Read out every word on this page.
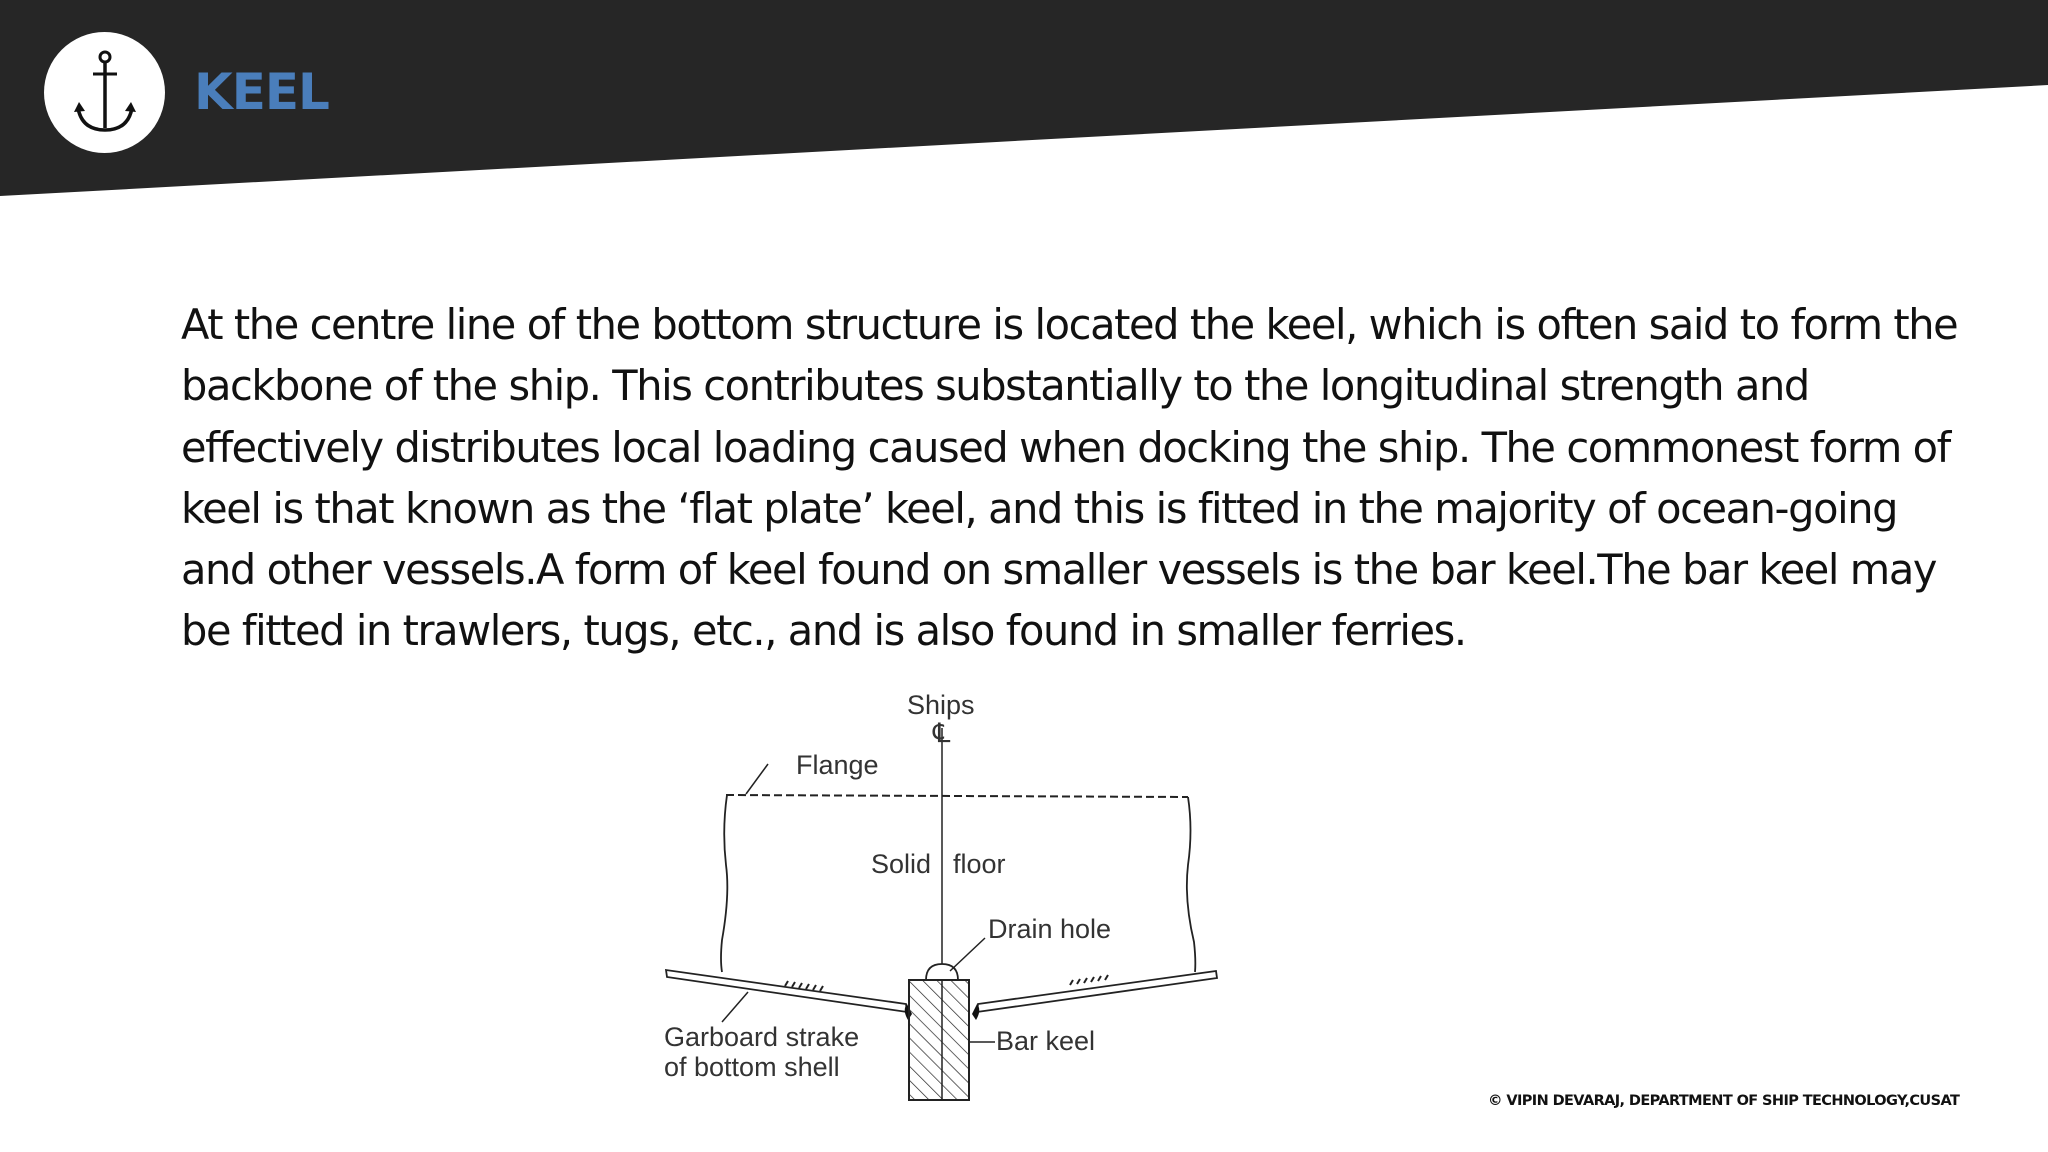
KEEL

At the centre line of the bottom structure is located the keel, which is often said to form the backbone of the ship. This contributes substantially to the longitudinal strength and effectively distributes local loading caused when docking the ship. The commonest form of keel is that known as the ‘flat plate’ keel, and this is fitted in the majority of ocean-going and other vessels.A form of keel found on smaller vessels is the bar keel.The bar keel may be fitted in trawlers, tugs, etc., and is also found in smaller ferries.

Ships
℄
Flange
Solid floor
Drain hole
Garboard strake
of bottom shell
Bar keel
© VIPIN DEVARAJ, DEPARTMENT OF SHIP TECHNOLOGY,CUSAT
